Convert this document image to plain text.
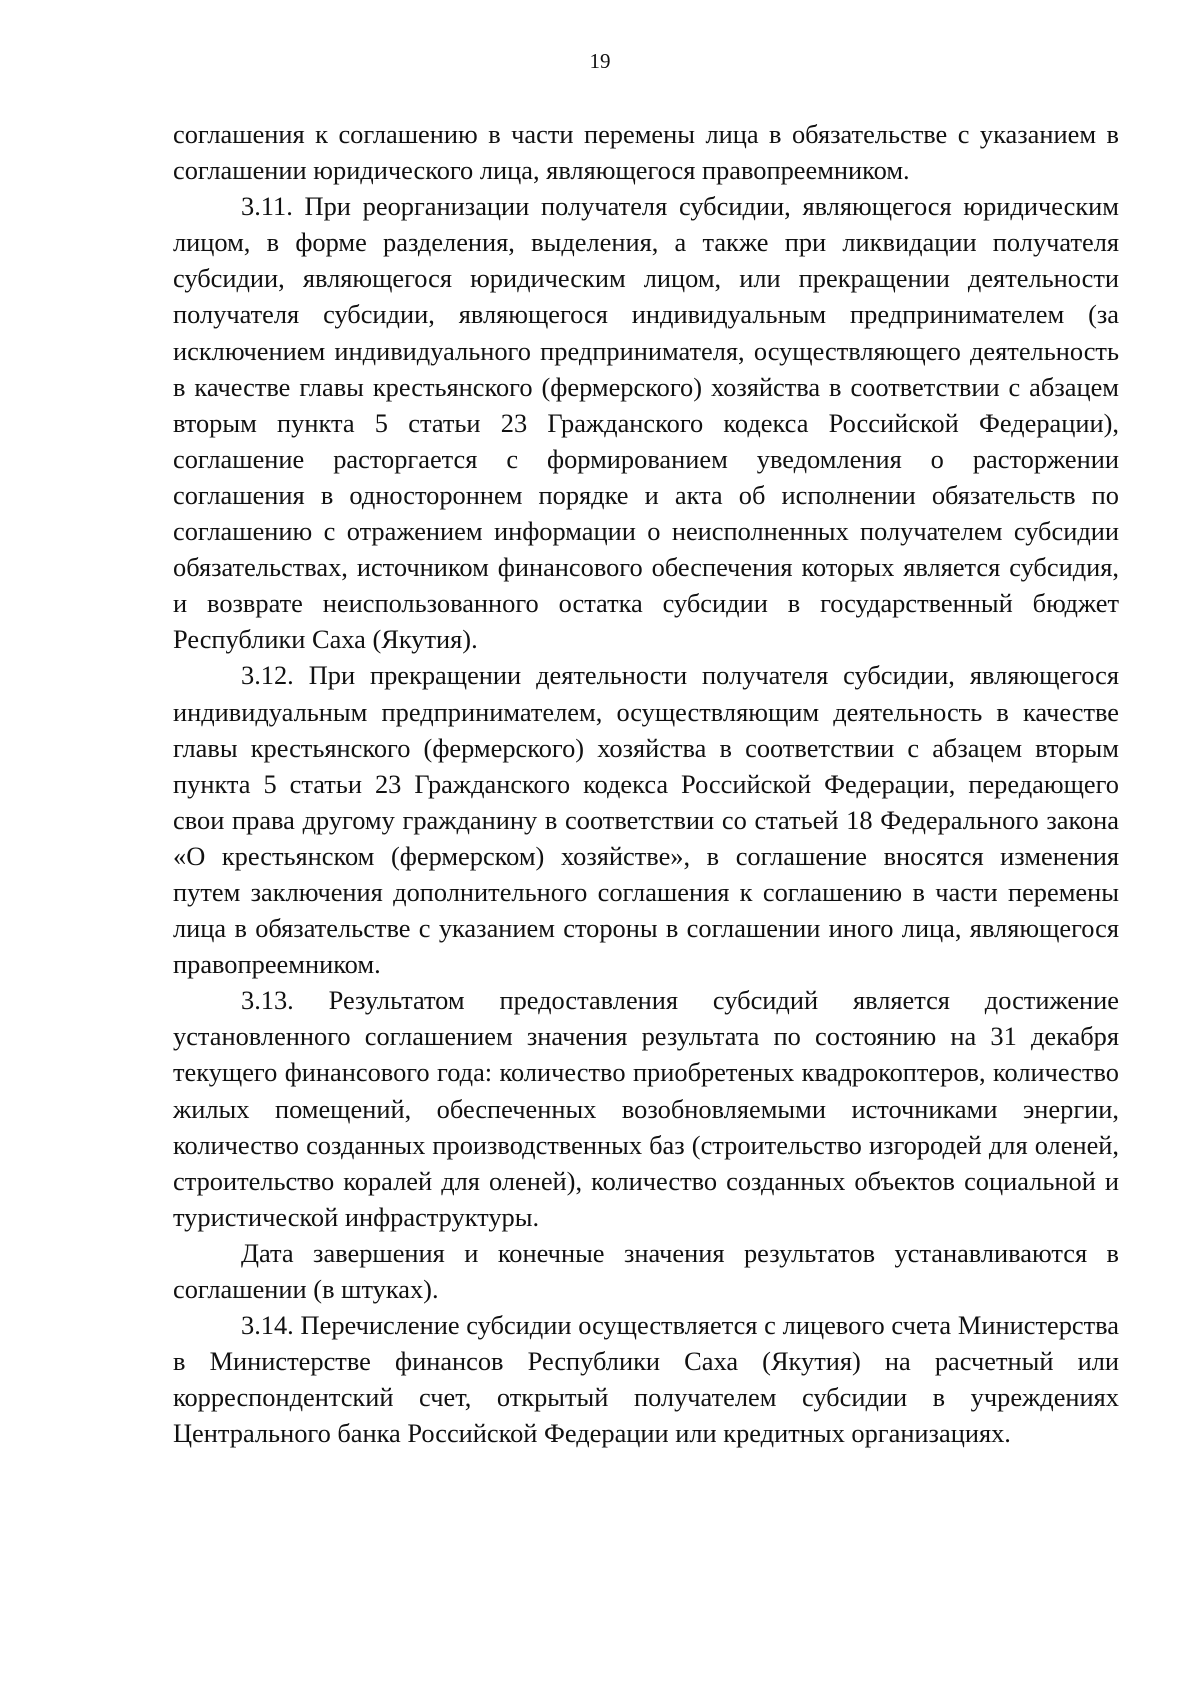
19

соглашения к соглашению в части перемены лица в обязательстве с указанием в соглашении юридического лица, являющегося правопреемником.

3.11. При реорганизации получателя субсидии, являющегося юридическим лицом, в форме разделения, выделения, а также при ликвидации получателя субсидии, являющегося юридическим лицом, или прекращении деятельности получателя субсидии, являющегося индивидуальным предпринимателем (за исключением индивидуального предпринимателя, осуществляющего деятельность в качестве главы крестьянского (фермерского) хозяйства в соответствии с абзацем вторым пункта 5 статьи 23 Гражданского кодекса Российской Федерации), соглашение расторгается с формированием уведомления о расторжении соглашения в одностороннем порядке и акта об исполнении обязательств по соглашению с отражением информации о неисполненных получателем субсидии обязательствах, источником финансового обеспечения которых является субсидия, и возврате неиспользованного остатка субсидии в государственный бюджет Республики Саха (Якутия).

3.12. При прекращении деятельности получателя субсидии, являющегося индивидуальным предпринимателем, осуществляющим деятельность в качестве главы крестьянского (фермерского) хозяйства в соответствии с абзацем вторым пункта 5 статьи 23 Гражданского кодекса Российской Федерации, передающего свои права другому гражданину в соответствии со статьей 18 Федерального закона «О крестьянском (фермерском) хозяйстве», в соглашение вносятся изменения путем заключения дополнительного соглашения к соглашению в части перемены лица в обязательстве с указанием стороны в соглашении иного лица, являющегося правопреемником.

3.13. Результатом предоставления субсидий является достижение установленного соглашением значения результата по состоянию на 31 декабря текущего финансового года: количество приобретеных квадрокоптеров, количество жилых помещений, обеспеченных возобновляемыми источниками энергии, количество созданных производственных баз (строительство изгородей для оленей, строительство коралей для оленей), количество созданных объектов социальной и туристической инфраструктуры.

Дата завершения и конечные значения результатов устанавливаются в соглашении (в штуках).

3.14. Перечисление субсидии осуществляется с лицевого счета Министерства в Министерстве финансов Республики Саха (Якутия) на расчетный или корреспондентский счет, открытый получателем субсидии в учреждениях Центрального банка Российской Федерации или кредитных организациях.
